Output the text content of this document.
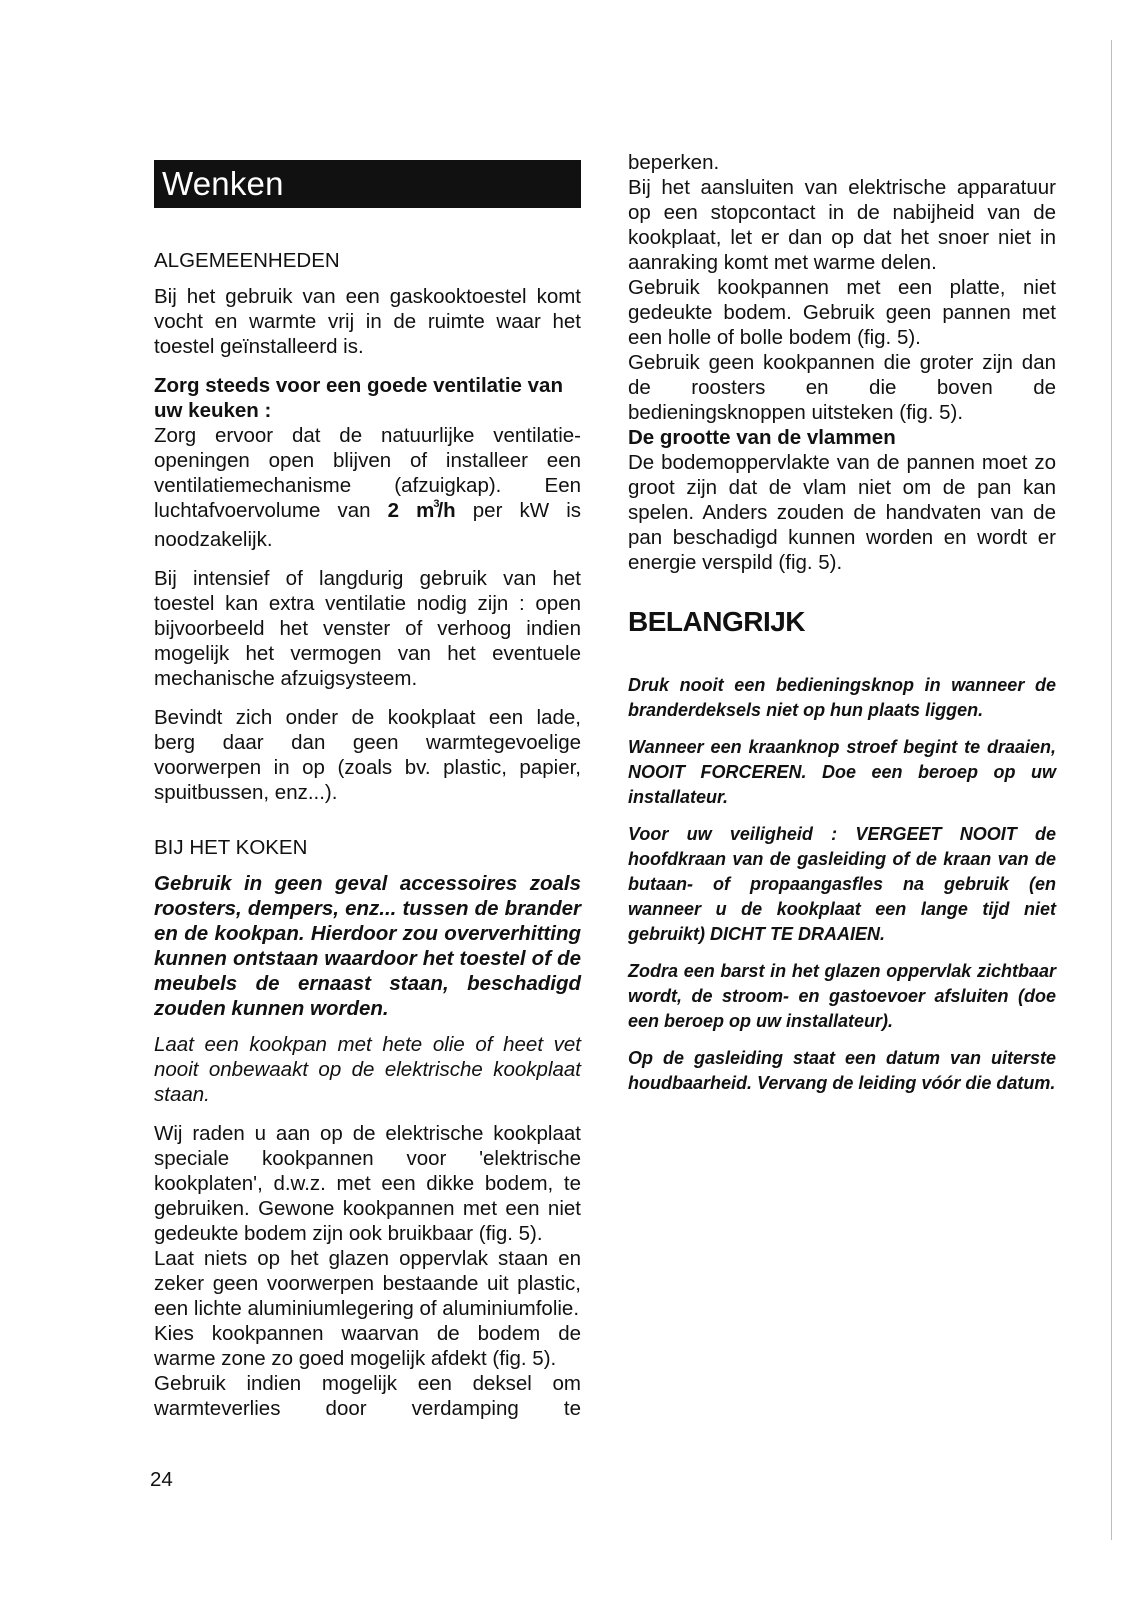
Wenken

ALGEMEENHEDEN

Bij het gebruik van een gaskooktoestel komt vocht en warmte vrij in de ruimte waar het toestel geïnstalleerd is.

Zorg steeds voor een goede ventilatie van uw keuken :

Zorg ervoor dat de natuurlijke ventilatie-openingen open blijven of installeer een ventilatiemechanisme (afzuigkap). Een luchtafvoervolume van 2 $m^3/h$ per kW is noodzakelijk.

Bij intensief of langdurig gebruik van het toestel kan extra ventilatie nodig zijn : open bijvoorbeeld het venster of verhoog indien mogelijk het vermogen van het eventuele mechanische afzuigsysteem.

Bevindt zich onder de kookplaat een lade, berg daar dan geen warmtegevoelige voorwerpen in op (zoals bv. plastic, papier, spuitbussen, enz...).

BIJ HET KOKEN

Gebruik in geen geval accessoires zoals roosters, dempers, enz... tussen de brander en de kookpan. Hierdoor zou oververhitting kunnen ontstaan waardoor het toestel of de meubels de ernaast staan, beschadigd zouden kunnen worden.

Laat een kookpan met hete olie of heet vet nooit onbewaakt op de elektrische kookplaat staan.

Wij raden u aan op de elektrische kookplaat speciale kookpannen voor 'elektrische kookplaten', d.w.z. met een dikke bodem, te gebruiken. Gewone kookpannen met een niet gedeukte bodem zijn ook bruikbaar (fig. 5).

Laat niets op het glazen oppervlak staan en zeker geen voorwerpen bestaande uit plastic, een lichte aluminiumlegering of aluminiumfolie.

Kies kookpannen waarvan de bodem de warme zone zo goed mogelijk afdekt (fig. 5).

Gebruik indien mogelijk een deksel om warmteverlies door verdamping te

beperken.

Bij het aansluiten van elektrische apparatuur op een stopcontact in de nabijheid van de kookplaat, let er dan op dat het snoer niet in aanraking komt met warme delen.

Gebruik kookpannen met een platte, niet gedeukte bodem. Gebruik geen pannen met een holle of bolle bodem (fig. 5).

Gebruik geen kookpannen die groter zijn dan de roosters en die boven de bedieningsknoppen uitsteken (fig. 5).

De grootte van de vlammen

De bodemoppervlakte van de pannen moet zo groot zijn dat de vlam niet om de pan kan spelen. Anders zouden de handvaten van de pan beschadigd kunnen worden en wordt er energie verspild (fig. 5).

BELANGRIJK

Druk nooit een bedieningsknop in wanneer de branderdeksels niet op hun plaats liggen.

Wanneer een kraanknop stroef begint te draaien, NOOIT FORCEREN. Doe een beroep op uw installateur.

Voor uw veiligheid : VERGEET NOOIT de hoofdkraan van de gasleiding of de kraan van de butaan- of propaangasfles na gebruik (en wanneer u de kookplaat een lange tijd niet gebruikt) DICHT TE DRAAIEN.

Zodra een barst in het glazen oppervlak zichtbaar wordt, de stroom- en gastoevoer afsluiten (doe een beroep op uw installateur).

Op de gasleiding staat een datum van uiterste houdbaarheid. Vervang de leiding vóór die datum.

24
